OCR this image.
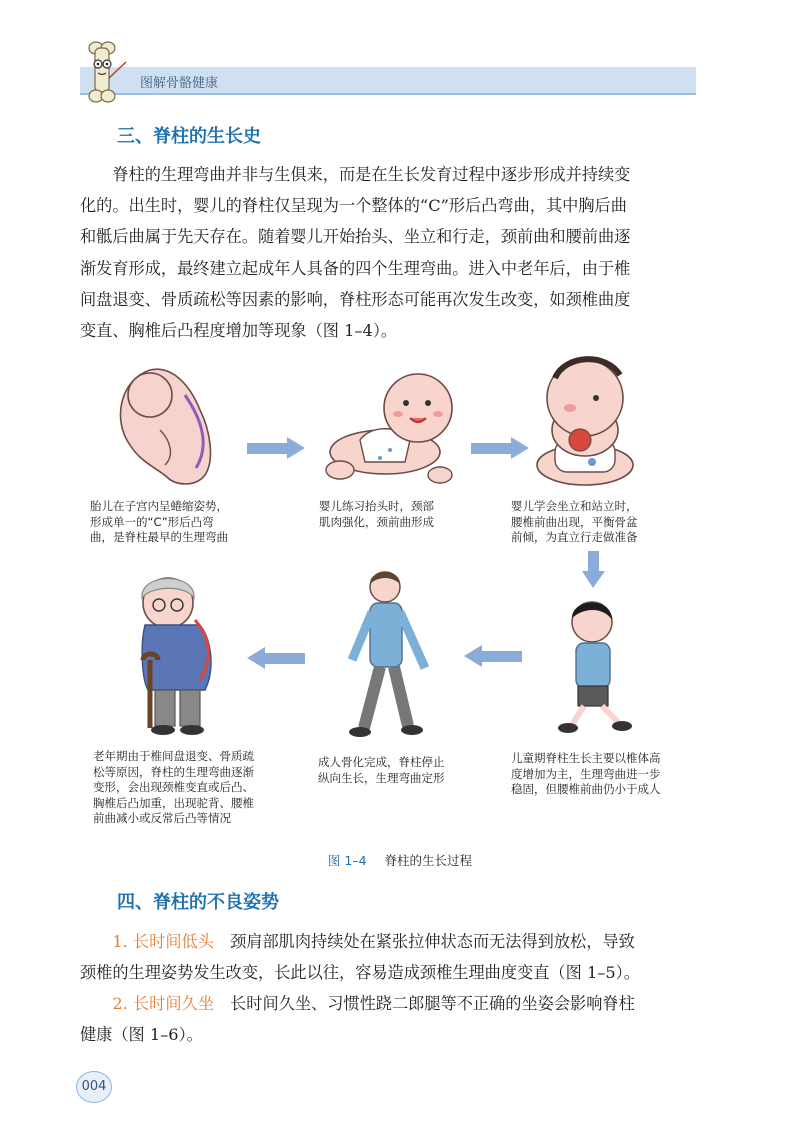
图解骨骼健康
三、脊柱的生长史
　　脊柱的生理弯曲并非与生俱来，而是在生长发育过程中逐步形成并持续变
化的。出生时，婴儿的脊柱仅呈现为一个整体的“C”形后凸弯曲，其中胸后曲
和骶后曲属于先天存在。随着婴儿开始抬头、坐立和行走，颈前曲和腰前曲逐
渐发育形成，最终建立起成年人具备的四个生理弯曲。进入中老年后，由于椎
间盘退变、骨质疏松等因素的影响，脊柱形态可能再次发生改变，如颈椎曲度
变直、胸椎后凸程度增加等现象（图 1–4）。
胎儿在子宫内呈蜷缩姿势，
形成单一的“C”形后凸弯
曲，是脊柱最早的生理弯曲
婴儿练习抬头时，颈部
肌肉强化，颈前曲形成
婴儿学会坐立和站立时，
腰椎前曲出现，平衡骨盆
前倾，为直立行走做准备
儿童期脊柱生长主要以椎体高
度增加为主，生理弯曲进一步
稳固，但腰椎前曲仍小于成人
成人骨化完成，脊柱停止
纵向生长，生理弯曲定形
老年期由于椎间盘退变、骨质疏
松等原因，脊柱的生理弯曲逐渐
变形，会出现颈椎变直或后凸、
胸椎后凸加重，出现驼背、腰椎
前曲减小或反常后凸等情况
图 1–4 脊柱的生长过程
四、脊柱的不良姿势
　　1. 长时间低头　 颈肩部肌肉持续处在紧张拉伸状态而无法得到放松，导致
颈椎的生理姿势发生改变，长此以往，容易造成颈椎生理曲度变直（图 1–5）。
　　2. 长时间久坐　 长时间久坐、习惯性跷二郎腿等不正确的坐姿会影响脊柱
健康（图 1–6）。
004
